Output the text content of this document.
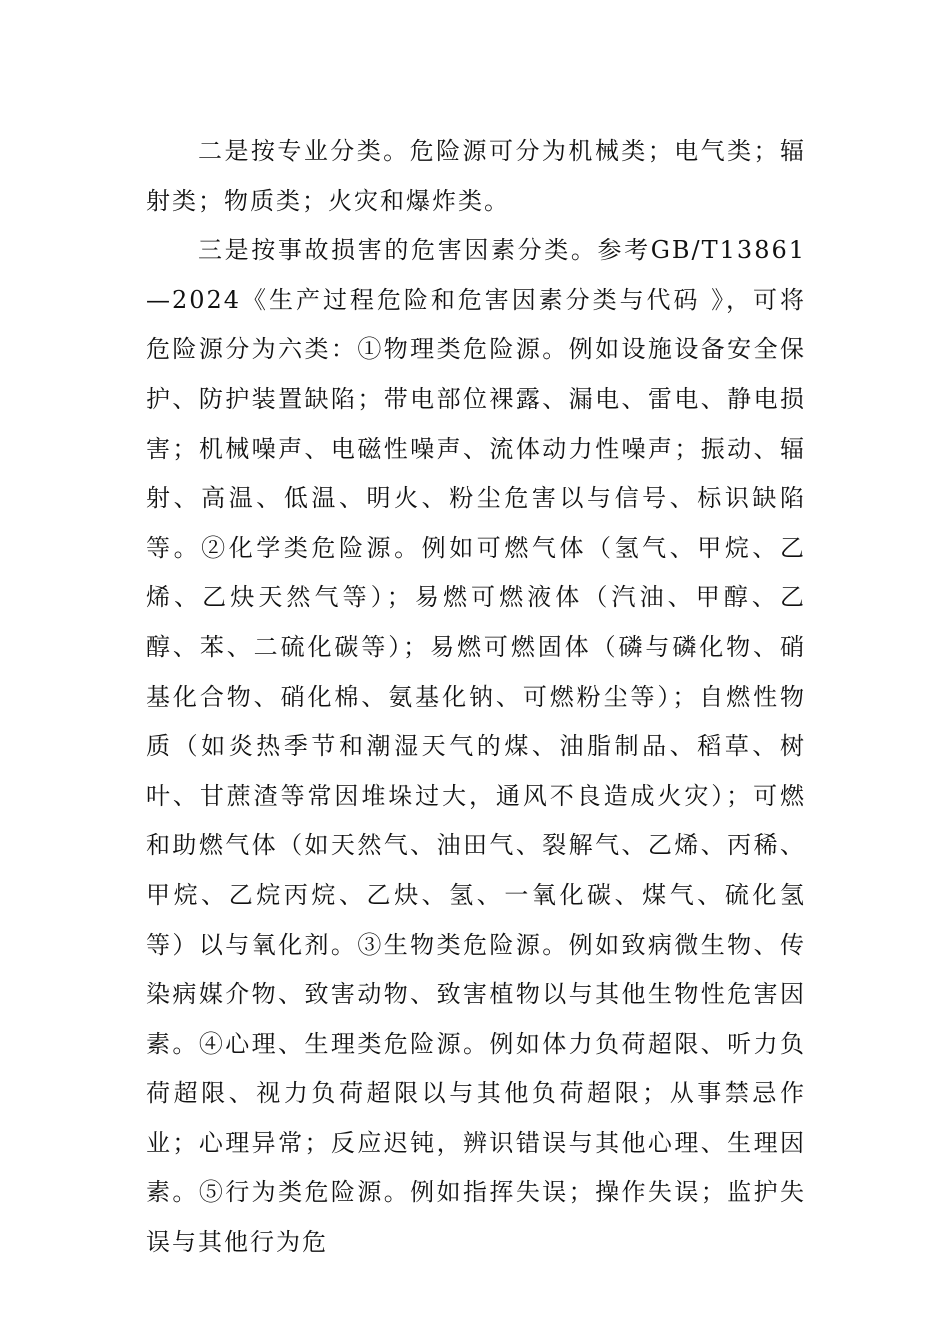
二是按专业分类。危险源可分为机械类；电气类；辐射类；物质类；火灾和爆炸类。

三是按事故损害的危害因素分类。参考GB/T13861—2024《生产过程危险和危害因素分类与代码 》，可将危险源分为六类：①物理类危险源。例如设施设备安全保护、防护装置缺陷；带电部位裸露、漏电、雷电、静电损害；机械噪声、电磁性噪声、流体动力性噪声；振动、辐射、高温、低温、明火、粉尘危害以与信号、标识缺陷等。②化学类危险源。例如可燃气体（氢气、甲烷、乙烯、乙炔天然气等）；易燃可燃液体（汽油、甲醇、乙醇、苯、二硫化碳等）；易燃可燃固体（磷与磷化物、硝基化合物、硝化棉、氨基化钠、可燃粉尘等）；自燃性物质（如炎热季节和潮湿天气的煤、油脂制品、稻草、树叶、甘蔗渣等常因堆垛过大，通风不良造成火灾）；可燃和助燃气体（如天然气、油田气、裂解气、乙烯、丙稀、甲烷、乙烷丙烷、乙炔、氢、一氧化碳、煤气、硫化氢等）以与氧化剂。③生物类危险源。例如致病微生物、传染病媒介物、致害动物、致害植物以与其他生物性危害因素。④心理、生理类危险源。例如体力负荷超限、听力负荷超限、视力负荷超限以与其他负荷超限；从事禁忌作业；心理异常；反应迟钝，辨识错误与其他心理、生理因素。⑤行为类危险源。例如指挥失误；操作失误；监护失误与其他行为危
